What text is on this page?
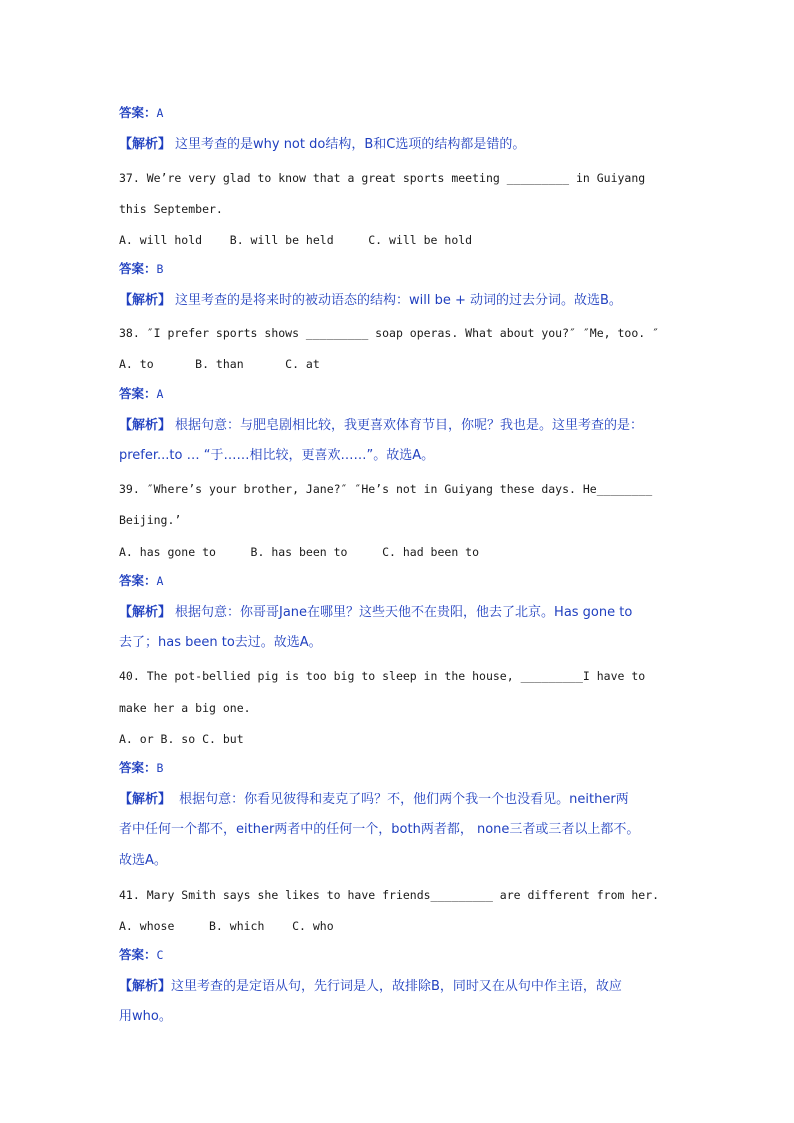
答案：A
【解析】 这里考查的是why not do结构，B和C选项的结构都是错的。
37. We’re very glad to know that a great sports meeting _________ in Guiyang
this September.
A. will hold    B. will be held     C. will be hold
答案：B
【解析】 这里考查的是将来时的被动语态的结构：will be + 动词的过去分词。故选B。
38. ″I prefer sports shows _________ soap operas. What about you?″ ″Me, too. ″
A. to      B. than      C. at
答案：A
【解析】 根据句意：与肥皂剧相比较，我更喜欢体育节目，你呢？我也是。这里考查的是：
prefer...to … “于……相比较，更喜欢……”。故选A。
39. ″Where’s your brother, Jane?″ ″He’s not in Guiyang these days. He________
Beijing.’
A. has gone to     B. has been to     C. had been to
答案：A
【解析】 根据句意：你哥哥Jane在哪里？这些天他不在贵阳，他去了北京。Has gone to
去了；has been to去过。故选A。
40. The pot-bellied pig is too big to sleep in the house, _________I have to
make her a big one.
A. or B. so C. but
答案：B
【解析】  根据句意：你看见彼得和麦克了吗？不，他们两个我一个也没看见。neither两
者中任何一个都不，either两者中的任何一个，both两者都， none三者或三者以上都不。
故选A。
41. Mary Smith says she likes to have friends_________ are different from her.
A. whose     B. which    C. who
答案：C
【解析】这里考查的是定语从句，先行词是人，故排除B，同时又在从句中作主语，故应
用who。
